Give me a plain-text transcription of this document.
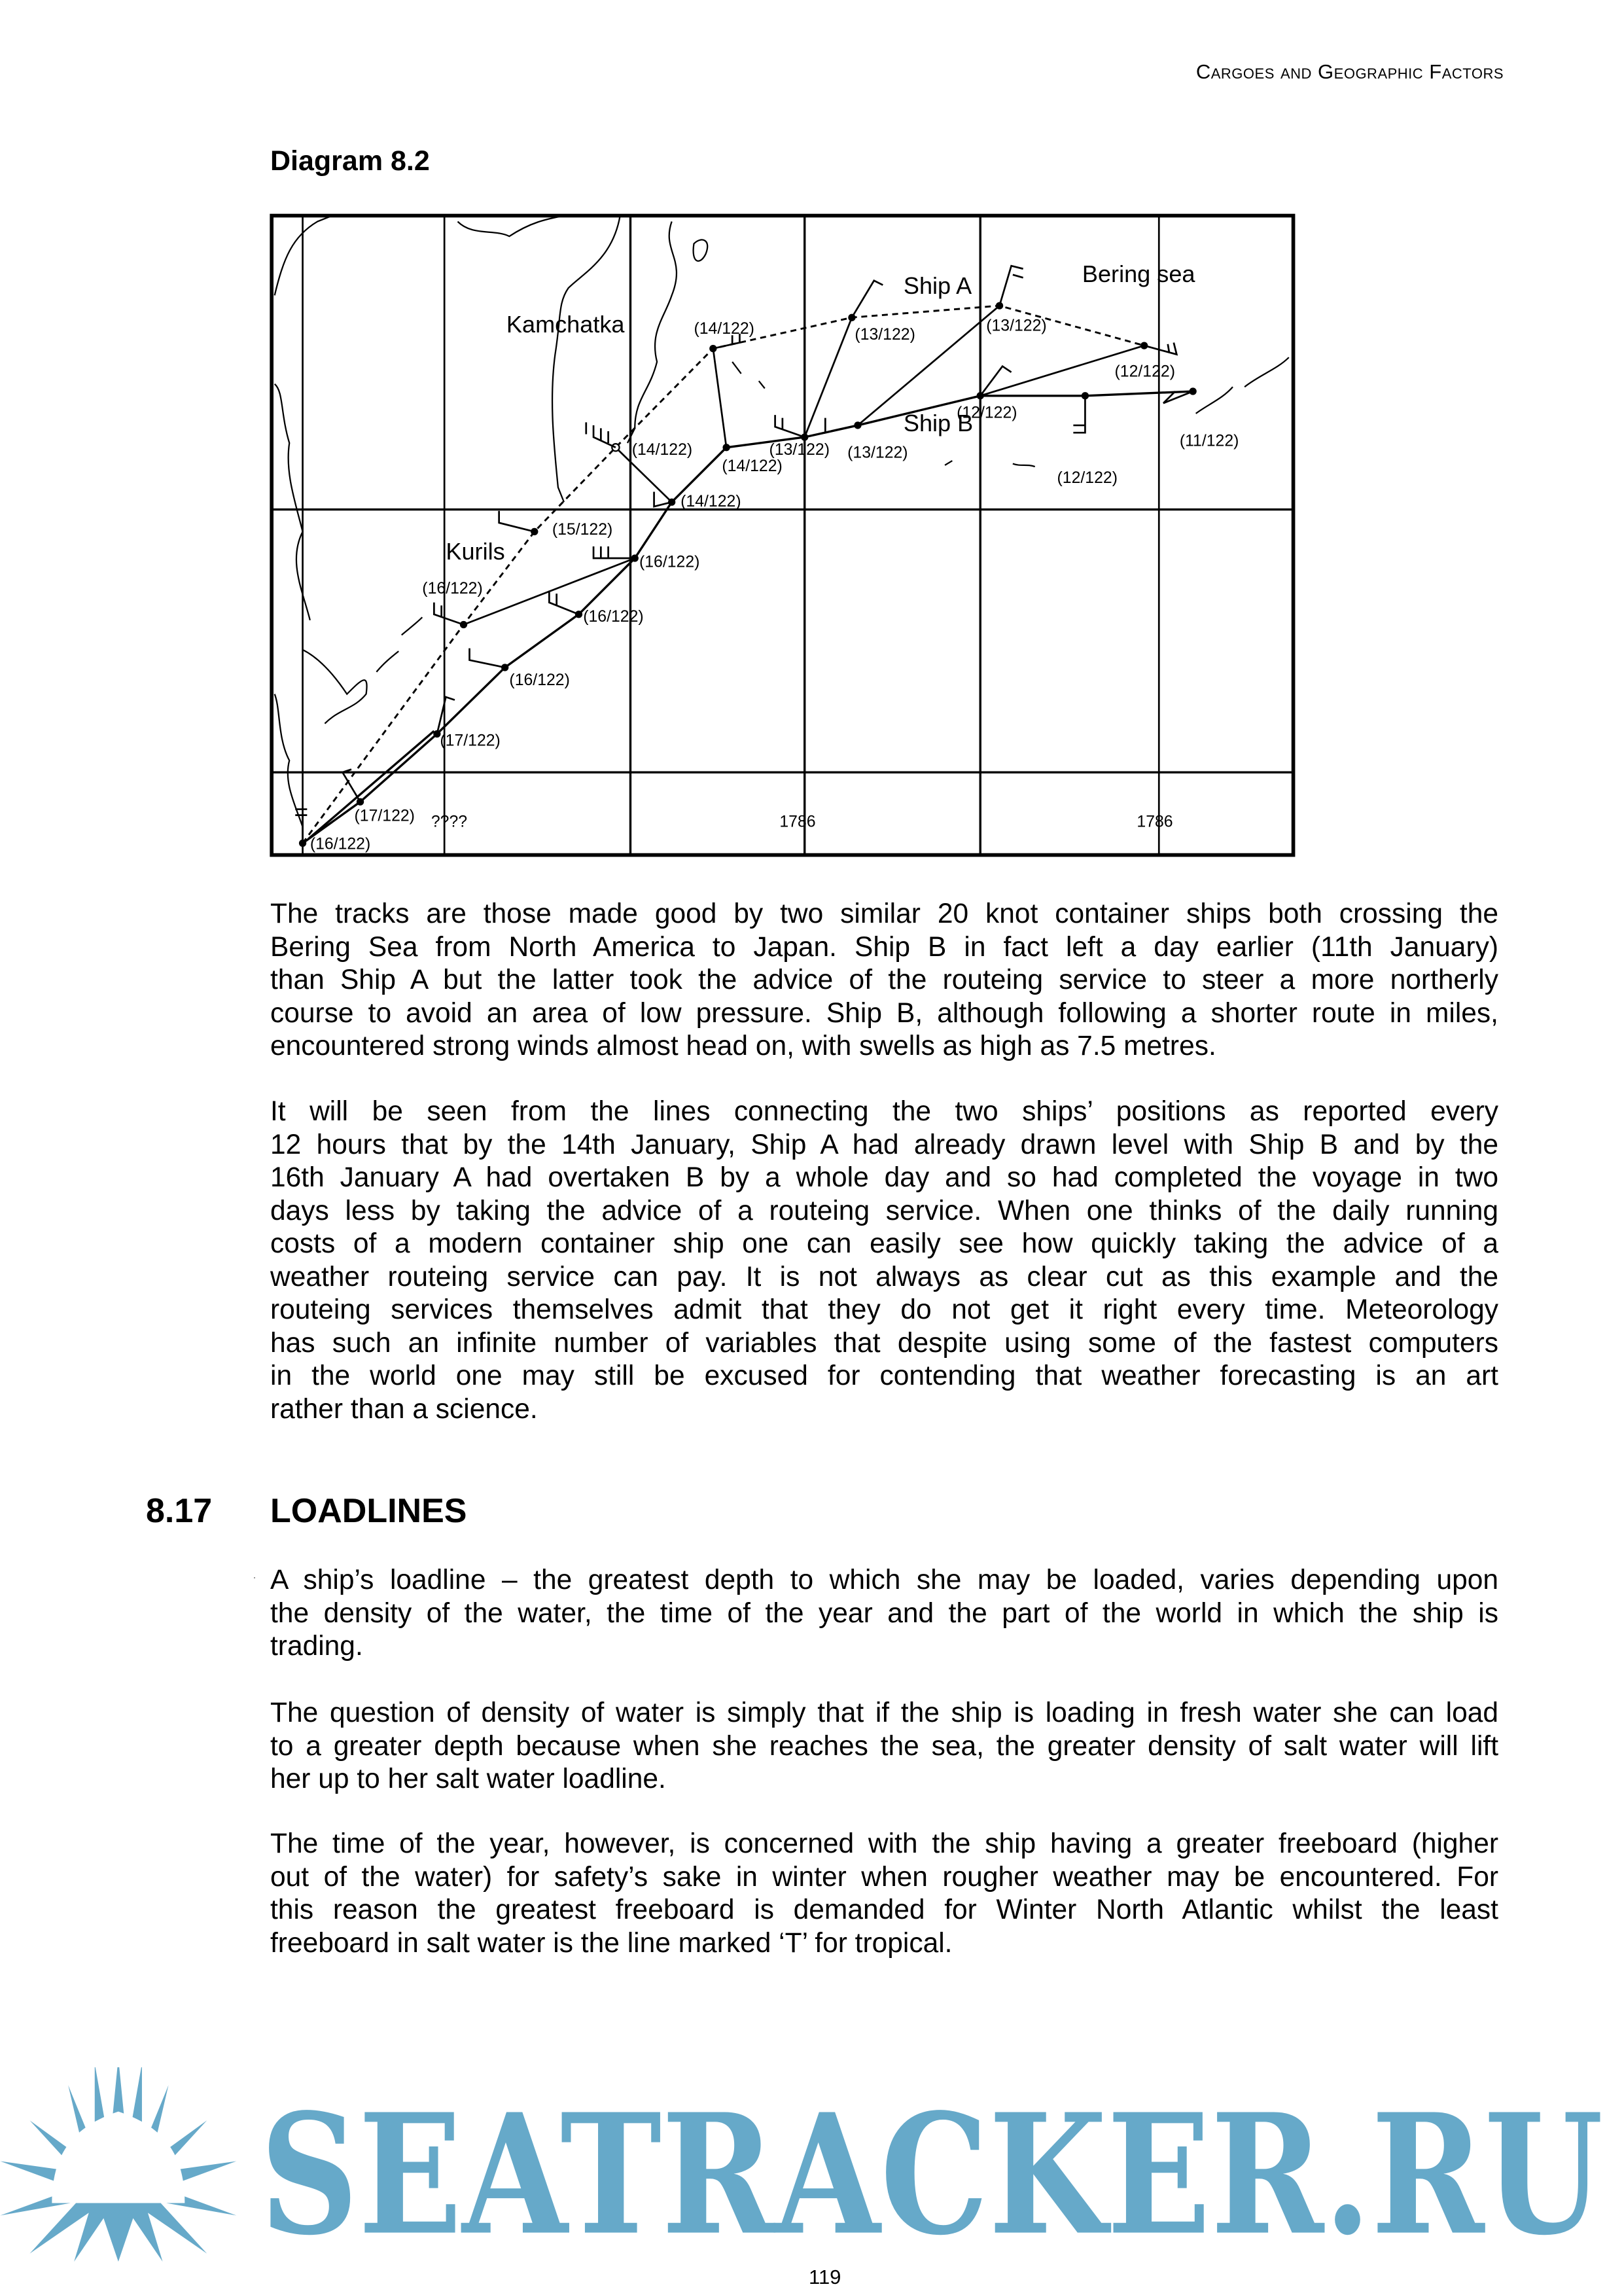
Cargoes and Geographic Factors
Diagram 8.2
Kamchatka
Kurils
Bering sea
Ship A
Ship B
(16/122)
(15/122)
(14/122)
(14/122)	(13/122)
(13/122)
(12/122)
(16/122)
(17/122)
(17/122)
(16/122)
(16/122)
(16/122)
(14/122)
(14/122)
(13/122) (13/122)
(12/122)
(12/122)
(11/122)
????	1786	1786
The tracks are those made good by two similar 20 knot container ships both crossing the
Bering Sea from North America to Japan. Ship B in fact left a day earlier (11th January)
than Ship A but the latter took the advice of the routeing service to steer a more northerly
course to avoid an area of low pressure. Ship B, although following a shorter route in miles,
encountered strong winds almost head on, with swells as high as 7.5 metres.
It will be seen from the lines connecting the two ships’ positions as reported every
12 hours that by the 14th January, Ship A had already drawn level with Ship B and by the
16th January A had overtaken B by a whole day and so had completed the voyage in two
days less by taking the advice of a routeing service. When one thinks of the daily running
costs of a modern container ship one can easily see how quickly taking the advice of a
weather routeing service can pay. It is not always as clear cut as this example and the
routeing services themselves admit that they do not get it right every time. Meteorology
has such an infinite number of variables that despite using some of the fastest computers
in the world one may still be excused for contending that weather forecasting is an art
rather than a science.
8.17 LOADLINES
· A ship’s loadline – the greatest depth to which she may be loaded, varies depending upon
the density of the water, the time of the year and the part of the world in which the ship is
trading.
The question of density of water is simply that if the ship is loading in fresh water she can load
to a greater depth because when she reaches the sea, the greater density of salt water will lift
her up to her salt water loadline.
The time of the year, however, is concerned with the ship having a greater freeboard (higher
out of the water) for safety’s sake in winter when rougher weather may be encountered. For
this reason the greatest freeboard is demanded for Winter North Atlantic whilst the least
freeboard in salt water is the line marked ‘T’ for tropical.
SEATRACKER.RU
119
